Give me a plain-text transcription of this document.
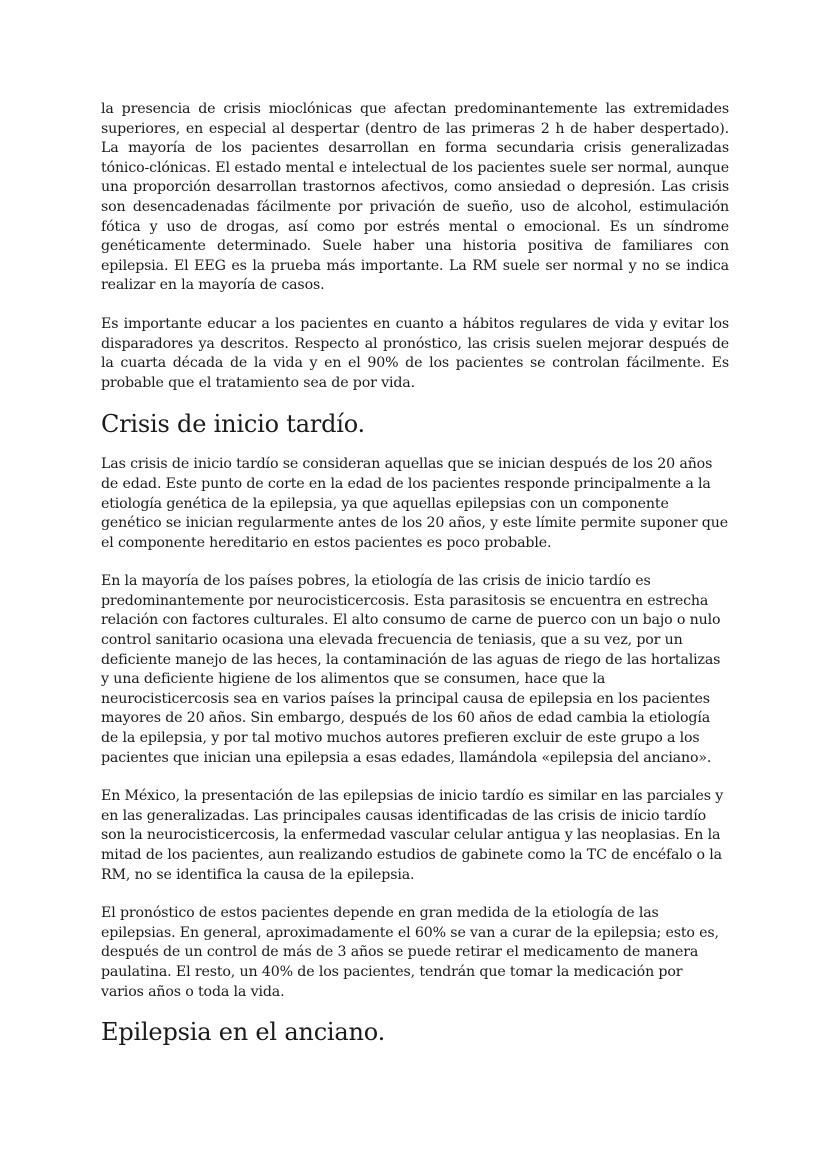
la presencia de crisis mioclónicas que afectan predominantemente las extremidades superiores, en especial al despertar (dentro de las primeras 2 h de haber despertado). La mayoría de los pacientes desarrollan en forma secundaria crisis generalizadas tónico-clónicas. El estado mental e intelectual de los pacientes suele ser normal, aunque una proporción desarrollan trastornos afectivos, como ansiedad o depresión. Las crisis son desencadenadas fácilmente por privación de sueño, uso de alcohol, estimulación fótica y uso de drogas, así como por estrés mental o emocional. Es un síndrome genéticamente determinado. Suele haber una historia positiva de familiares con epilepsia. El EEG es la prueba más importante. La RM suele ser normal y no se indica realizar en la mayoría de casos.

Es importante educar a los pacientes en cuanto a hábitos regulares de vida y evitar los disparadores ya descritos. Respecto al pronóstico, las crisis suelen mejorar después de la cuarta década de la vida y en el 90% de los pacientes se controlan fácilmente. Es probable que el tratamiento sea de por vida.

Crisis de inicio tardío.

Las crisis de inicio tardío se consideran aquellas que se inician después de los 20 años de edad. Este punto de corte en la edad de los pacientes responde principalmente a la etiología genética de la epilepsia, ya que aquellas epilepsias con un componente genético se inician regularmente antes de los 20 años, y este límite permite suponer que el componente hereditario en estos pacientes es poco probable.

En la mayoría de los países pobres, la etiología de las crisis de inicio tardío es predominantemente por neurocisticercosis. Esta parasitosis se encuentra en estrecha relación con factores culturales. El alto consumo de carne de puerco con un bajo o nulo control sanitario ocasiona una elevada frecuencia de teniasis, que a su vez, por un deficiente manejo de las heces, la contaminación de las aguas de riego de las hortalizas y una deficiente higiene de los alimentos que se consumen, hace que la neurocisticercosis sea en varios países la principal causa de epilepsia en los pacientes mayores de 20 años. Sin embargo, después de los 60 años de edad cambia la etiología de la epilepsia, y por tal motivo muchos autores prefieren excluir de este grupo a los pacientes que inician una epilepsia a esas edades, llamándola «epilepsia del anciano».

En México, la presentación de las epilepsias de inicio tardío es similar en las parciales y en las generalizadas. Las principales causas identificadas de las crisis de inicio tardío son la neurocisticercosis, la enfermedad vascular celular antigua y las neoplasias. En la mitad de los pacientes, aun realizando estudios de gabinete como la TC de encéfalo o la RM, no se identifica la causa de la epilepsia.

El pronóstico de estos pacientes depende en gran medida de la etiología de las epilepsias. En general, aproximadamente el 60% se van a curar de la epilepsia; esto es, después de un control de más de 3 años se puede retirar el medicamento de manera paulatina. El resto, un 40% de los pacientes, tendrán que tomar la medicación por varios años o toda la vida.

Epilepsia en el anciano.
